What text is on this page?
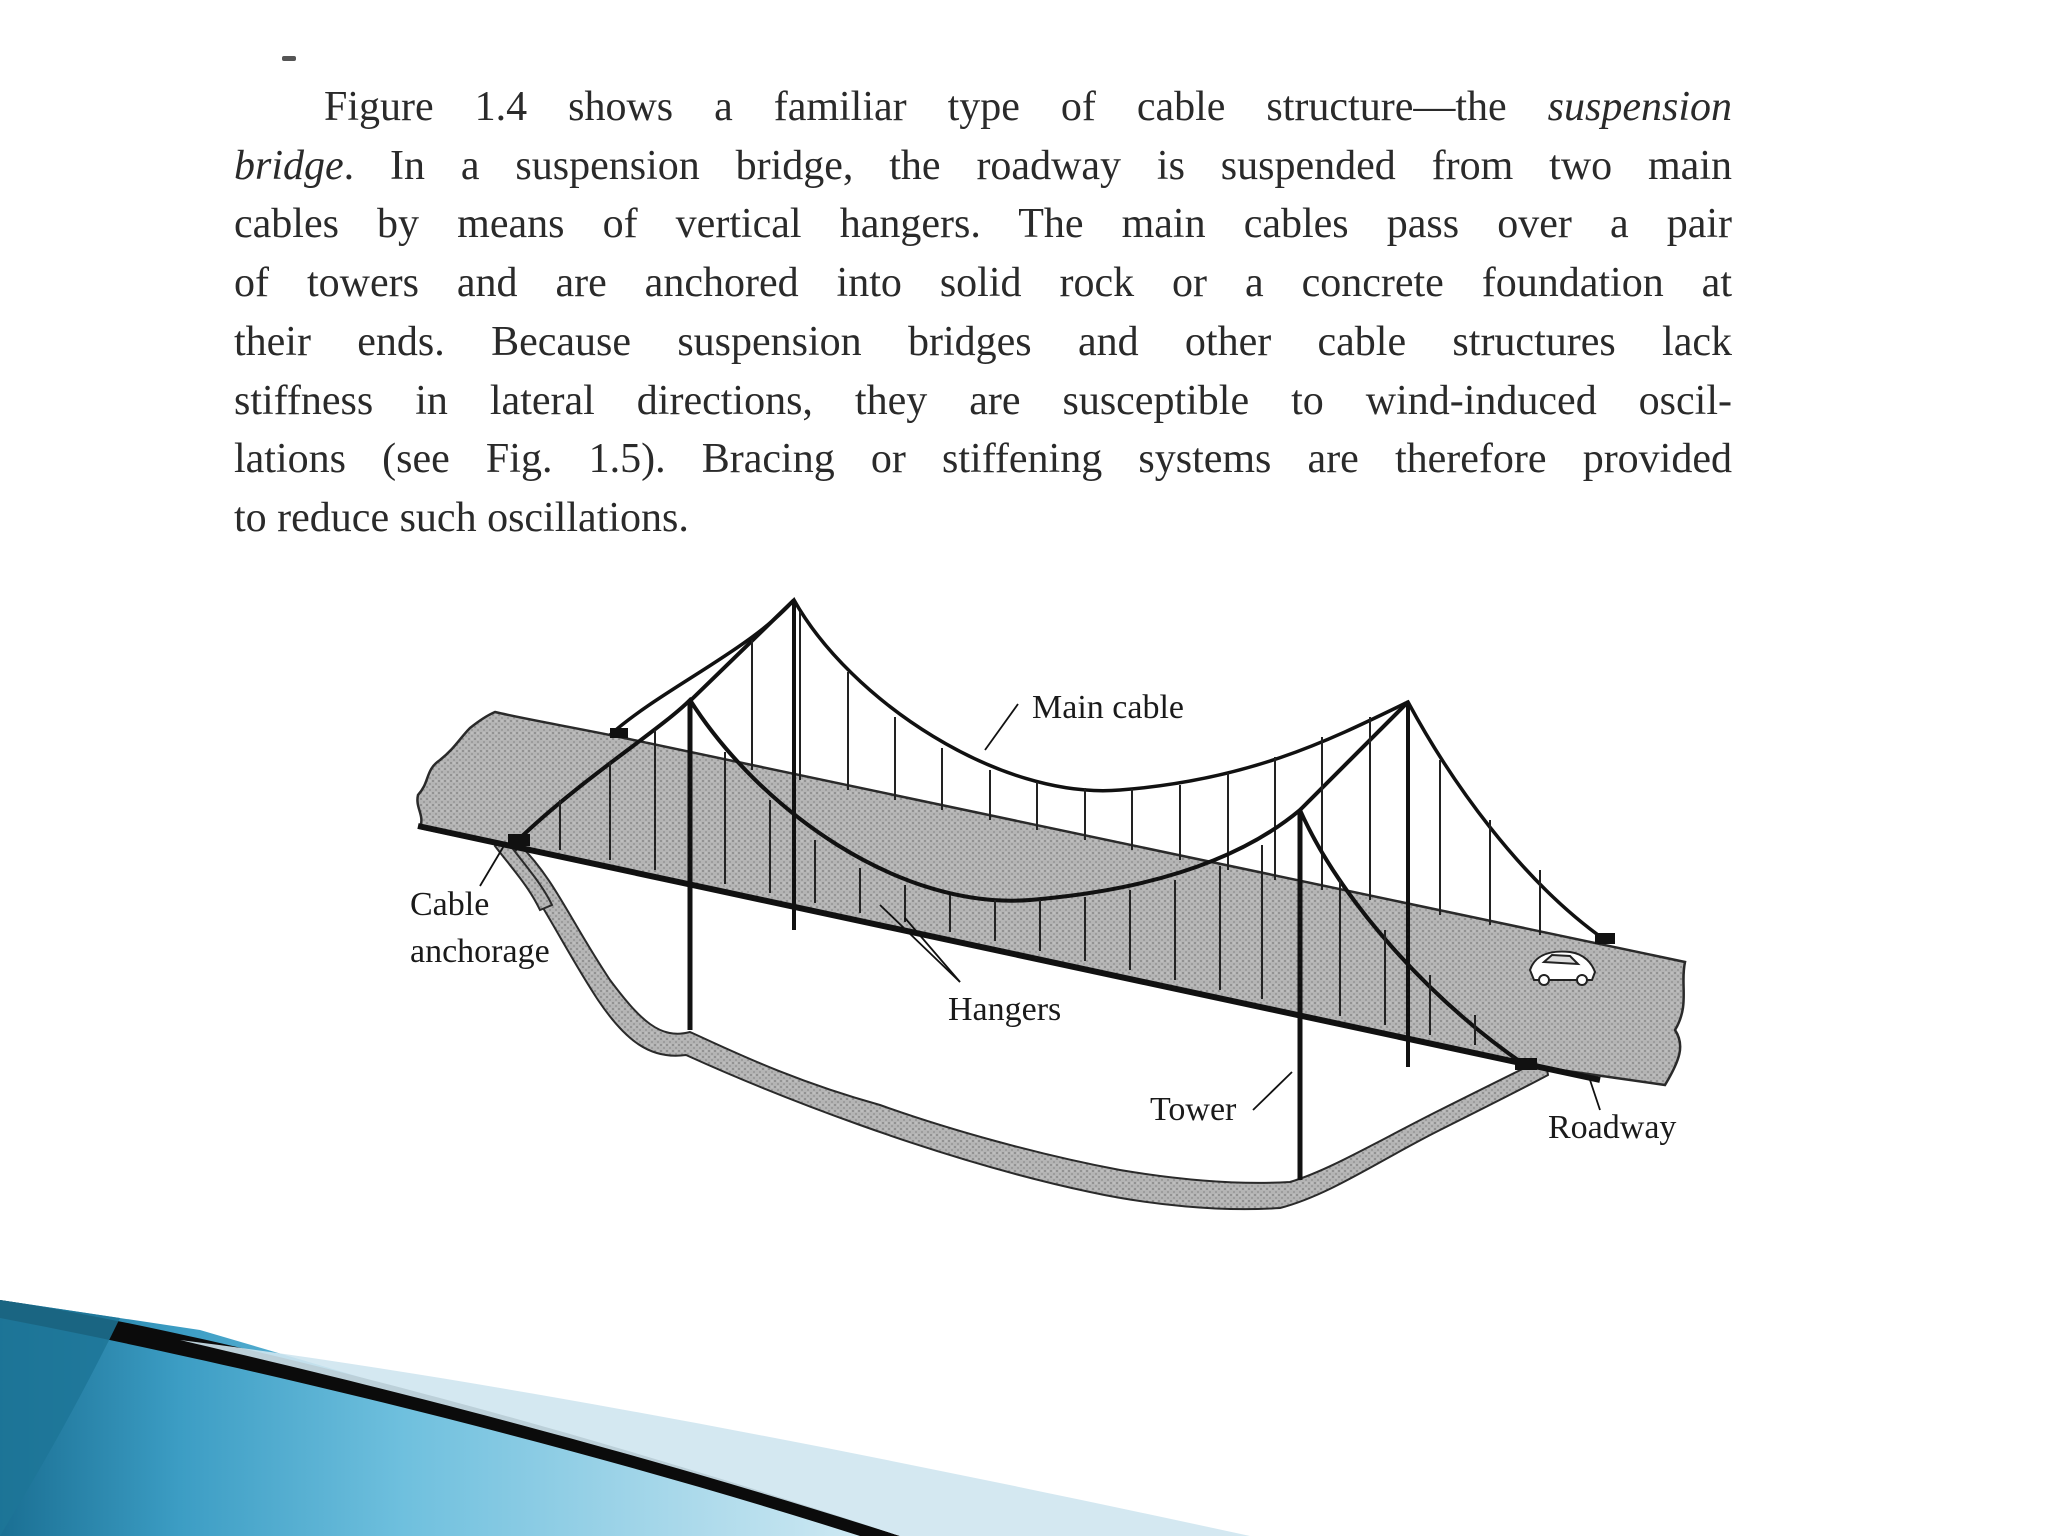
Figure 1.4 shows a familiar type of cable structure—the suspension
bridge. In a suspension bridge, the roadway is suspended from two main
cables by means of vertical hangers. The main cables pass over a pair
of towers and are anchored into solid rock or a concrete foundation at
their ends. Because suspension bridges and other cable structures lack
stiffness in lateral directions, they are susceptible to wind-induced oscil-
lations (see Fig. 1.5). Bracing or stiffening systems are therefore provided
to reduce such oscillations.

Main cable
Cable
anchorage
Hangers
Tower	Roadway
